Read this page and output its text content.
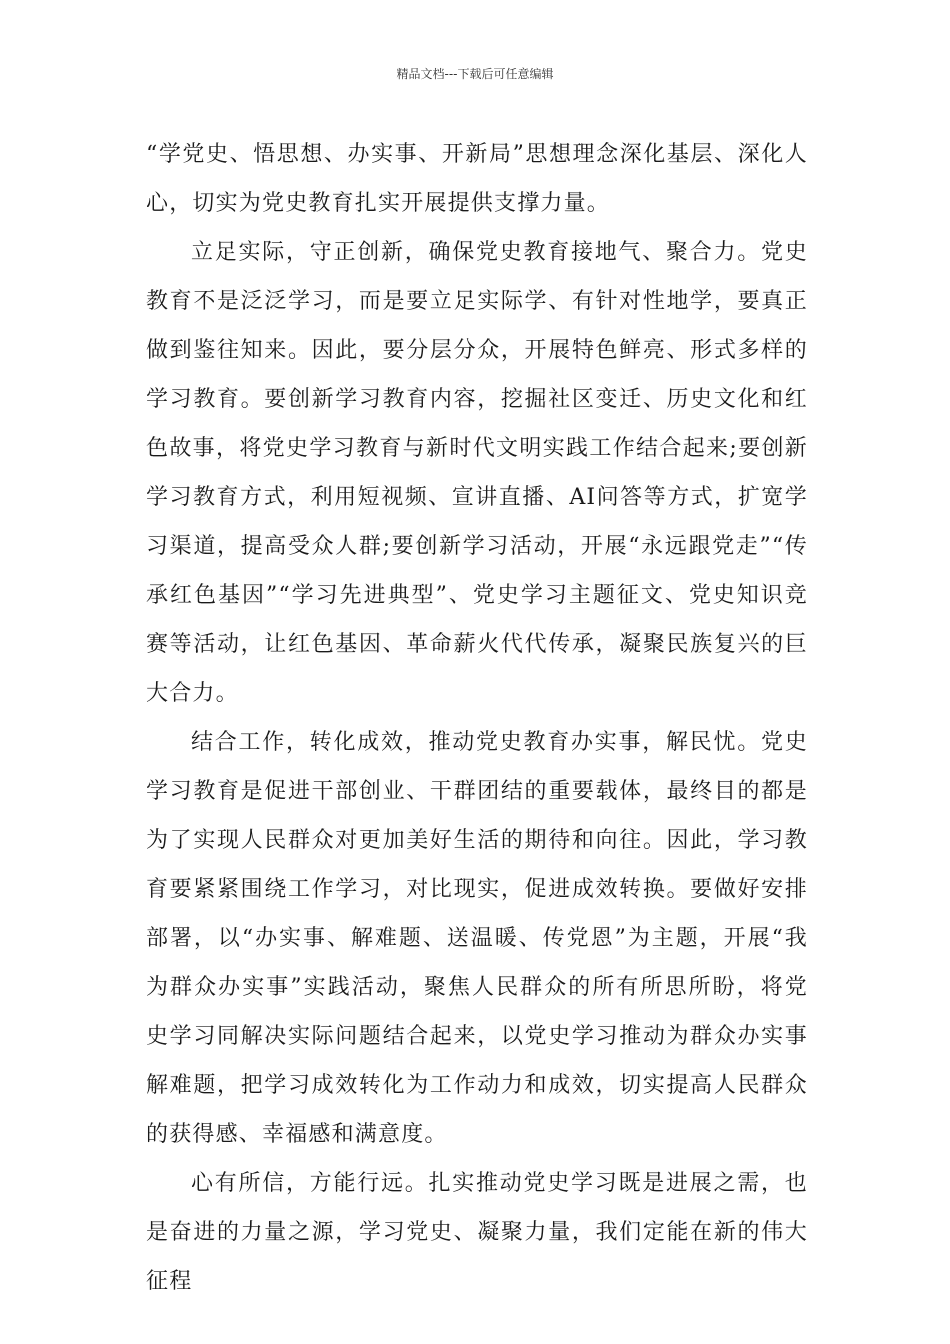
精品文档---下载后可任意编辑

“学党史、悟思想、办实事、开新局”思想理念深化基层、深化人心，切实为党史教育扎实开展提供支撑力量。

立足实际，守正创新，确保党史教育接地气、聚合力。党史教育不是泛泛学习，而是要立足实际学、有针对性地学，要真正做到鉴往知来。因此，要分层分众，开展特色鲜亮、形式多样的学习教育。要创新学习教育内容，挖掘社区变迁、历史文化和红色故事，将党史学习教育与新时代文明实践工作结合起来;要创新学习教育方式，利用短视频、宣讲直播、AI问答等方式，扩宽学习渠道，提高受众人群;要创新学习活动，开展“永远跟党走”“传承红色基因”“学习先进典型”、党史学习主题征文、党史知识竞赛等活动，让红色基因、革命薪火代代传承，凝聚民族复兴的巨大合力。

结合工作，转化成效，推动党史教育办实事，解民忧。党史学习教育是促进干部创业、干群团结的重要载体，最终目的都是为了实现人民群众对更加美好生活的期待和向往。因此，学习教育要紧紧围绕工作学习，对比现实，促进成效转换。要做好安排部署，以“办实事、解难题、送温暖、传党恩”为主题，开展“我为群众办实事”实践活动，聚焦人民群众的所有所思所盼，将党史学习同解决实际问题结合起来，以党史学习推动为群众办实事解难题，把学习成效转化为工作动力和成效，切实提高人民群众的获得感、幸福感和满意度。

心有所信，方能行远。扎实推动党史学习既是进展之需，也是奋进的力量之源，学习党史、凝聚力量，我们定能在新的伟大征程
